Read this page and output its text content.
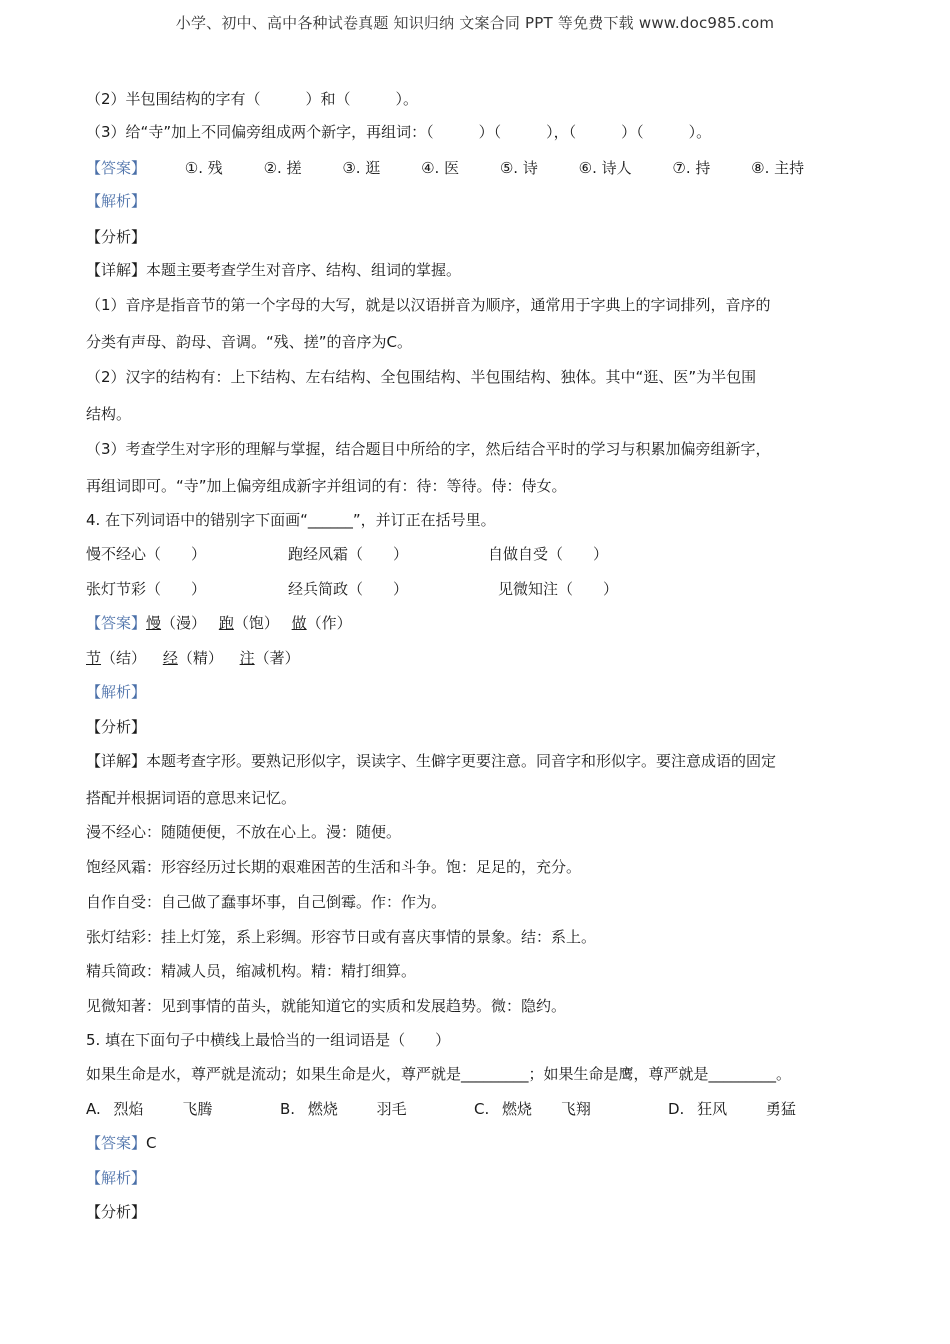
小学、初中、高中各种试卷真题 知识归纳 文案合同 PPT 等免费下载 www.doc985.com
（2）半包围结构的字有（　　　）和（　　　）。
（3）给“寺”加上不同偏旁组成两个新字，再组词：（　　　）（　　　），（　　　）（　　　）。
【答案】	①. 残	②. 搓	③. 逛	④. 医	⑤. 诗	⑥. 诗人	⑦. 持	⑧. 主持
【解析】
【分析】
【详解】本题主要考查学生对音序、结构、组词的掌握。
（1）音序是指音节的第一个字母的大写，就是以汉语拼音为顺序，通常用于字典上的字词排列，音序的
分类有声母、韵母、音调。“残、搓”的音序为C。
（2）汉字的结构有：上下结构、左右结构、全包围结构、半包围结构、独体。其中“逛、医”为半包围
结构。
（3）考查学生对字形的理解与掌握，结合题目中所给的字，然后结合平时的学习与积累加偏旁组新字，
再组词即可。“寺”加上偏旁组成新字并组词的有：待：等待。侍：侍女。
4. 在下列词语中的错别字下面画“______”，并订正在括号里。
慢不经心（　　）	跑经风霜（　　）	自做自受（　　）
张灯节彩（　　）	经兵简政（　　）	见微知注（　　）
【答案】慢（漫） 跑（饱） 做（作）
节（结） 经（精） 注（著）
【解析】
【分析】
【详解】本题考查字形。要熟记形似字，误读字、生僻字更要注意。同音字和形似字。要注意成语的固定
搭配并根据词语的意思来记忆。
漫不经心：随随便便，不放在心上。漫：随便。
饱经风霜：形容经历过长期的艰难困苦的生活和斗争。饱：足足的，充分。
自作自受：自己做了蠢事坏事，自己倒霉。作：作为。
张灯结彩：挂上灯笼，系上彩绸。形容节日或有喜庆事情的景象。结：系上。
精兵简政：精减人员，缩减机构。精：精打细算。
见微知著：见到事情的苗头，就能知道它的实质和发展趋势。微：隐约。
5. 填在下面句子中横线上最恰当的一组词语是（　　）
如果生命是水，尊严就是流动；如果生命是火，尊严就是_________；如果生命是鹰，尊严就是_________。
A. 烈焰	飞腾	B. 燃烧	羽毛	C. 燃烧 飞翔	D. 狂风	勇猛
【答案】C
【解析】
【分析】
